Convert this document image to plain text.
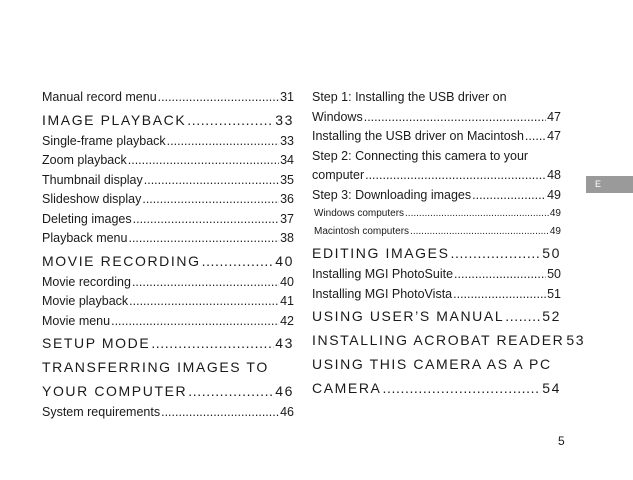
Manual record menu .....	31
IMAGE PLAYBACK .....	33
Single-frame playback .....	33
Zoom playback .....	34
Thumbnail display .....	35
Slideshow display .....	36
Deleting images .....	37
Playback menu .....	38
MOVIE RECORDING .....	40
Movie recording .....	40
Movie playback .....	41
Movie menu .....	42
SETUP MODE .....	43
TRANSFERRING IMAGES TO
YOUR COMPUTER .....	46
System requirements .....	46
Step 1: Installing the USB driver on
Windows .....	47
Installing the USB driver on Macintosh ..... 47
Step 2: Connecting this camera to your
computer .....	48
Step 3: Downloading images .....	49
Windows computers .....	49
Macintosh computers .....	49
EDITING IMAGES .....	50
Installing MGI PhotoSuite .....	50
Installing MGI PhotoVista .....	51
USING USER’S MANUAL .....	52
INSTALLING ACROBAT READER 53
USING THIS CAMERA AS A PC
CAMERA .....	54
E
5
